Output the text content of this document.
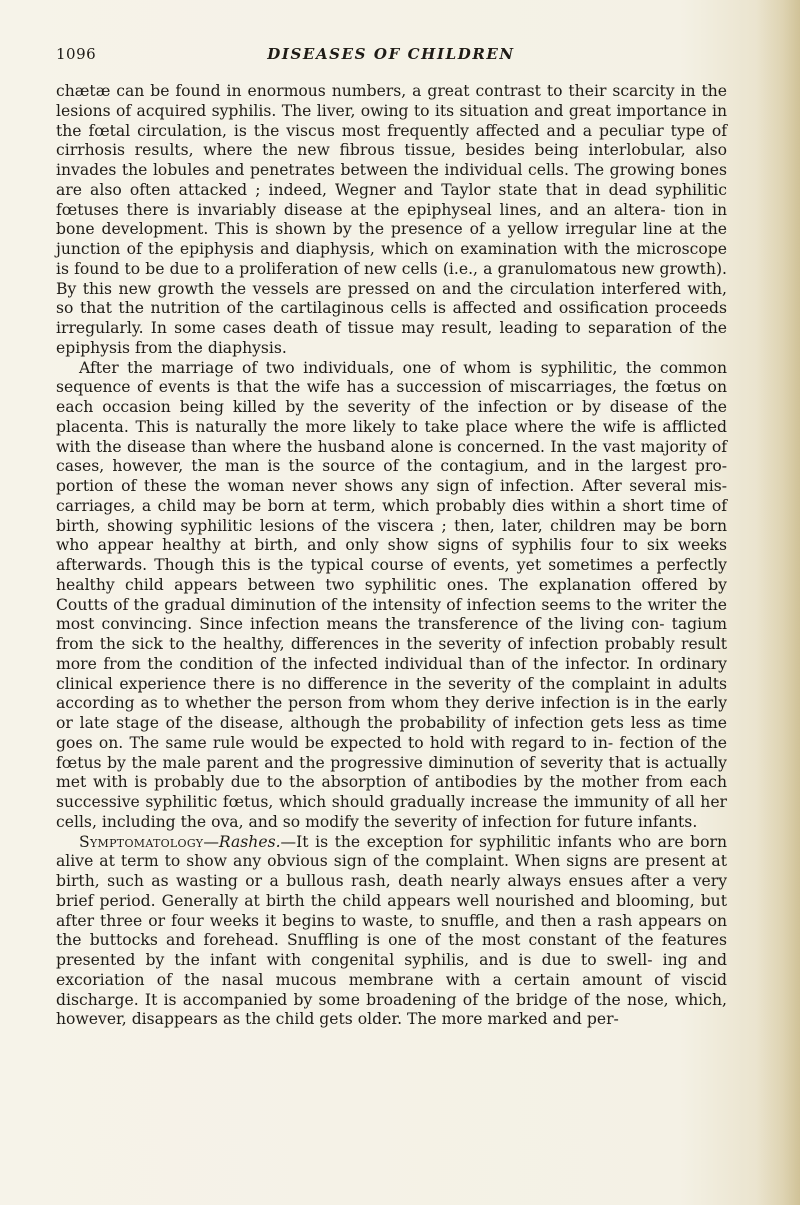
1096	DISEASES OF CHILDREN

chætæ can be found in enormous numbers, a great contrast to their scarcity in the lesions of acquired syphilis. The liver, owing to its situation and great importance in the fœtal circulation, is the viscus most frequently affected and a peculiar type of cirrhosis results, where the new fibrous tissue, besides being interlobular, also invades the lobules and penetrates between the individual cells. The growing bones are also often attacked ; indeed, Wegner and Taylor state that in dead syphilitic fœtuses there is invariably disease at the epiphyseal lines, and an altera- tion in bone development. This is shown by the presence of a yellow irregular line at the junction of the epiphysis and diaphysis, which on examination with the microscope is found to be due to a proliferation of new cells (i.e., a granulomatous new growth). By this new growth the vessels are pressed on and the circulation interfered with, so that the nutrition of the cartilaginous cells is affected and ossification proceeds irregularly. In some cases death of tissue may result, leading to separation of the epiphysis from the diaphysis.

After the marriage of two individuals, one of whom is syphilitic, the common sequence of events is that the wife has a succession of miscarriages, the fœtus on each occasion being killed by the severity of the infection or by disease of the placenta. This is naturally the more likely to take place where the wife is afflicted with the disease than where the husband alone is concerned. In the vast majority of cases, however, the man is the source of the contagium, and in the largest pro- portion of these the woman never shows any sign of infection. After several mis- carriages, a child may be born at term, which probably dies within a short time of birth, showing syphilitic lesions of the viscera ; then, later, children may be born who appear healthy at birth, and only show signs of syphilis four to six weeks afterwards. Though this is the typical course of events, yet sometimes a perfectly healthy child appears between two syphilitic ones. The explanation offered by Coutts of the gradual diminution of the intensity of infection seems to the writer the most convincing. Since infection means the transference of the living con- tagium from the sick to the healthy, differences in the severity of infection probably result more from the condition of the infected individual than of the infector. In ordinary clinical experience there is no difference in the severity of the complaint in adults according as to whether the person from whom they derive infection is in the early or late stage of the disease, although the probability of infection gets less as time goes on. The same rule would be expected to hold with regard to in- fection of the fœtus by the male parent and the progressive diminution of severity that is actually met with is probably due to the absorption of antibodies by the mother from each successive syphilitic fœtus, which should gradually increase the immunity of all her cells, including the ova, and so modify the severity of infection for future infants.

Symptomatology—Rashes.—It is the exception for syphilitic infants who are born alive at term to show any obvious sign of the complaint. When signs are present at birth, such as wasting or a bullous rash, death nearly always ensues after a very brief period. Generally at birth the child appears well nourished and blooming, but after three or four weeks it begins to waste, to snuffle, and then a rash appears on the buttocks and forehead. Snuffling is one of the most constant of the features presented by the infant with congenital syphilis, and is due to swell- ing and excoriation of the nasal mucous membrane with a certain amount of viscid discharge. It is accompanied by some broadening of the bridge of the nose, which, however, disappears as the child gets older. The more marked and per-
